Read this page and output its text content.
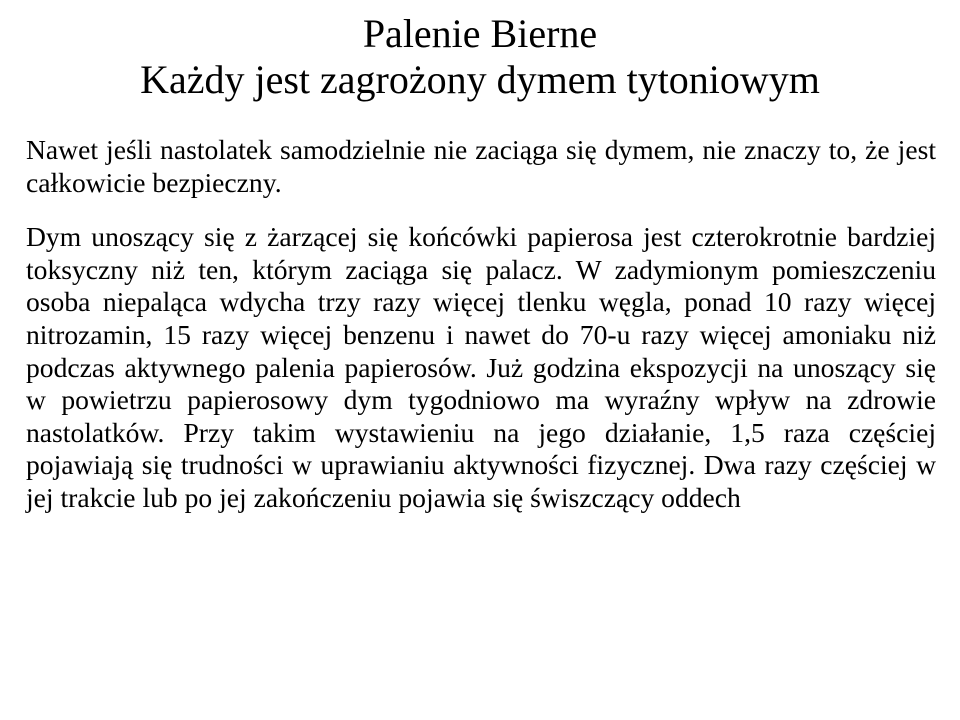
Palenie Bierne
Każdy jest zagrożony dymem tytoniowym

Nawet jeśli nastolatek samodzielnie nie zaciąga się dymem, nie znaczy to, że jest całkowicie bezpieczny.

Dym unoszący się z żarzącej się końcówki papierosa jest czterokrotnie bardziej toksyczny niż ten, którym zaciąga się palacz. W zadymionym pomieszczeniu osoba niepaląca wdycha trzy razy więcej tlenku węgla, ponad 10 razy więcej nitrozamin, 15 razy więcej benzenu i nawet do 70-u razy więcej amoniaku niż podczas aktywnego palenia papierosów. Już godzina ekspozycji na unoszący się w powietrzu papierosowy dym tygodniowo ma wyraźny wpływ na zdrowie nastolatków. Przy takim wystawieniu na jego działanie, 1,5 raza częściej pojawiają się trudności w uprawianiu aktywności fizycznej. Dwa razy częściej w jej trakcie lub po jej zakończeniu pojawia się świszczący oddech
